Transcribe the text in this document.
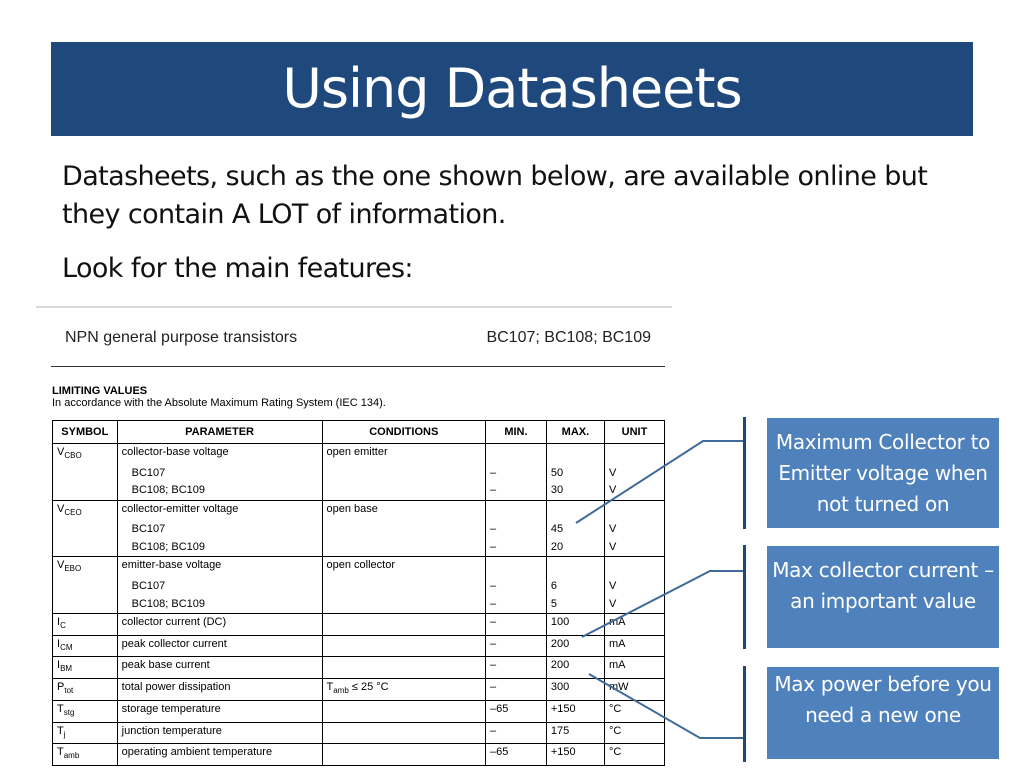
Using Datasheets

Datasheets, such as the one shown below, are available online but they contain A LOT of information.

Look for the main features:

NPN general purpose transistors	BC107; BC108; BC109
LIMITING VALUES
In accordance with the Absolute Maximum Rating System (IEC 134).
SYMBOL	PARAMETER	CONDITIONS	MIN.	MAX.	UNIT
$V_{CBO}$	collector-base voltage	open emitter			
	BC107		–	50	V
	BC108; BC109		–	30	V
$V_{CEO}$	collector-emitter voltage	open base			
	BC107		–	45	V
	BC108; BC109		–	20	V
$V_{EBO}$	emitter-base voltage	open collector			
	BC107		–	6	V
	BC108; BC109		–	5	V
$I_C$	collector current (DC)		–	100	mA
$I_{CM}$	peak collector current		–	200	mA
$I_{BM}$	peak base current		–	200	mA
$P_{tot}$	total power dissipation	$T_{amb} \le 25$ °C	–	300	mW
$T_{stg}$	storage temperature		–65	+150	°C
$T_j$	junction temperature		–	175	°C
$T_{amb}$	operating ambient temperature		–65	+150	°C
Maximum Collector to Emitter voltage when not turned on
Max collector current – an important value
Max power before you need a new one
